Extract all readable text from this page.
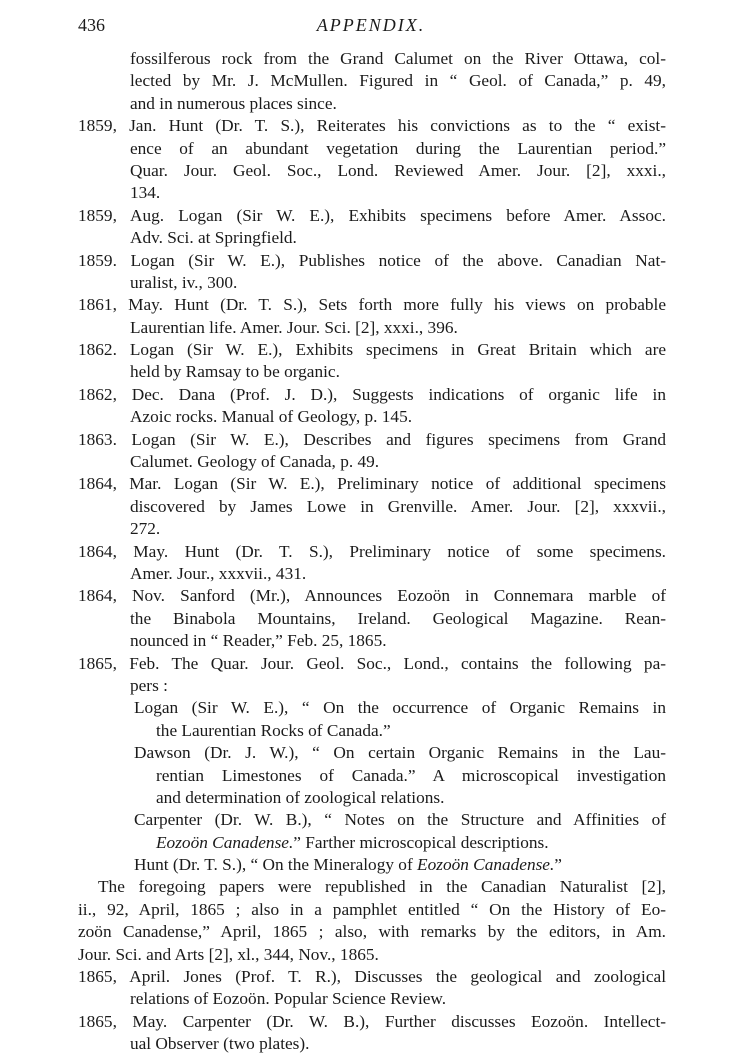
436	APPENDIX.
fossilferous rock from the Grand Calumet on the River Ottawa, col-
lected by Mr. J. McMullen. Figured in “ Geol. of Canada,” p. 49,
and in numerous places since.
1859, Jan. Hunt (Dr. T. S.), Reiterates his convictions as to the “ exist-
ence of an abundant vegetation during the Laurentian period.”
Quar. Jour. Geol. Soc., Lond. Reviewed Amer. Jour. [2], xxxi.,
134.
1859, Aug. Logan (Sir W. E.), Exhibits specimens before Amer. Assoc.
Adv. Sci. at Springfield.
1859. Logan (Sir W. E.), Publishes notice of the above. Canadian Nat-
uralist, iv., 300.
1861, May. Hunt (Dr. T. S.), Sets forth more fully his views on probable
Laurentian life. Amer. Jour. Sci. [2], xxxi., 396.
1862. Logan (Sir W. E.), Exhibits specimens in Great Britain which are
held by Ramsay to be organic.
1862, Dec. Dana (Prof. J. D.), Suggests indications of organic life in
Azoic rocks. Manual of Geology, p. 145.
1863. Logan (Sir W. E.), Describes and figures specimens from Grand
Calumet. Geology of Canada, p. 49.
1864, Mar. Logan (Sir W. E.), Preliminary notice of additional specimens
discovered by James Lowe in Grenville. Amer. Jour. [2], xxxvii.,
272.
1864, May. Hunt (Dr. T. S.), Preliminary notice of some specimens.
Amer. Jour., xxxvii., 431.
1864, Nov. Sanford (Mr.), Announces Eozoön in Connemara marble of
the Binabola Mountains, Ireland. Geological Magazine. Rean-
nounced in “ Reader,” Feb. 25, 1865.
1865, Feb. The Quar. Jour. Geol. Soc., Lond., contains the following pa-
pers :
Logan (Sir W. E.), “ On the occurrence of Organic Remains in
the Laurentian Rocks of Canada.”
Dawson (Dr. J. W.), “ On certain Organic Remains in the Lau-
rentian Limestones of Canada.” A microscopical investigation
and determination of zoological relations.
Carpenter (Dr. W. B.), “ Notes on the Structure and Affinities of
Eozoön Canadense.” Farther microscopical descriptions.
Hunt (Dr. T. S.), “ On the Mineralogy of Eozoön Canadense.”
The foregoing papers were republished in the Canadian Naturalist [2],
ii., 92, April, 1865 ; also in a pamphlet entitled “ On the History of Eo-
zoön Canadense,” April, 1865 ; also, with remarks by the editors, in Am.
Jour. Sci. and Arts [2], xl., 344, Nov., 1865.
1865, April. Jones (Prof. T. R.), Discusses the geological and zoological
relations of Eozoön. Popular Science Review.
1865, May. Carpenter (Dr. W. B.), Further discusses Eozoön. Intellect-
ual Observer (two plates).
